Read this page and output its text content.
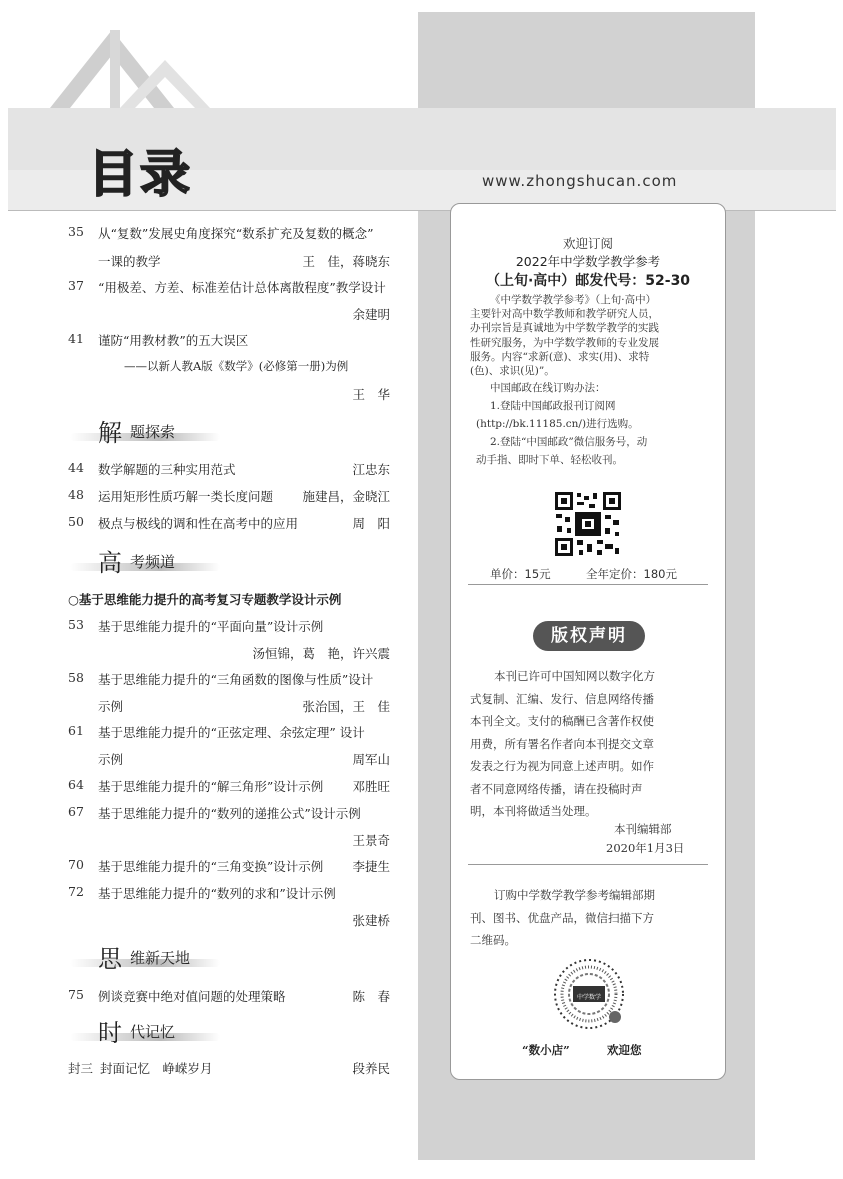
目录	www.zhongshucan.com
35	从“复数”发展史角度探究“数系扩充及复数的概念”
一课的教学	王　佳，蒋晓东
37	“用极差、方差、标准差估计总体离散程度”教学设计
余建明
41	谨防“用教材教”的五大误区
——以新人教A版《数学》(必修第一册)为例
王　华
解 题探索
44	数学解题的三种实用范式	江忠东
48	运用矩形性质巧解一类长度问题 施建昌，金晓江
50	极点与极线的调和性在高考中的应用	周　阳
高 考频道
○基于思维能力提升的高考复习专题教学设计示例
53	基于思维能力提升的“平面向量”设计示例
汤恒锦，葛　艳，许兴震
58	基于思维能力提升的“三角函数的图像与性质”设计
示例	张治国，王　佳
61	基于思维能力提升的“正弦定理、余弦定理” 设计
示例	周军山
64	基于思维能力提升的“解三角形”设计示例 邓胜旺
67	基于思维能力提升的“数列的递推公式”设计示例
王景奇
70	基于思维能力提升的“三角变换”设计示例 李捷生
72	基于思维能力提升的“数列的求和”设计示例
张建桥
思 维新天地
75	例谈竞赛中绝对值问题的处理策略	陈　春
时 代记忆
封三 封面记忆　峥嵘岁月	段养民
欢迎订阅
2022年中学数学教学参考
（上旬·高中）邮发代号：52-30
《中学数学教学参考》（上旬·高中）
主要针对高中数学教师和教学研究人员，
办刊宗旨是真诚地为中学数学教学的实践
性研究服务，为中学数学教师的专业发展
服务。内容“求新(意)、求实(用)、求特
(色)、求识(见)”。
中国邮政在线订购办法：
1.登陆中国邮政报刊订阅网
(http://bk.11185.cn/)进行选购。
2.登陆“中国邮政”微信服务号，动
动手指、即时下单、轻松收刊。
单价：15元	全年定价：180元
版权声明
本刊已许可中国知网以数字化方
式复制、汇编、发行、信息网络传播
本刊全文。支付的稿酬已含著作权使
用费，所有署名作者向本刊提交文章
发表之行为视为同意上述声明。如作
者不同意网络传播，请在投稿时声
明，本刊将做适当处理。
本刊编辑部
2020年1月3日
订购中学数学教学参考编辑部期
刊、图书、优盘产品，微信扫描下方
二维码。
中学数学
“数小店”	欢迎您
